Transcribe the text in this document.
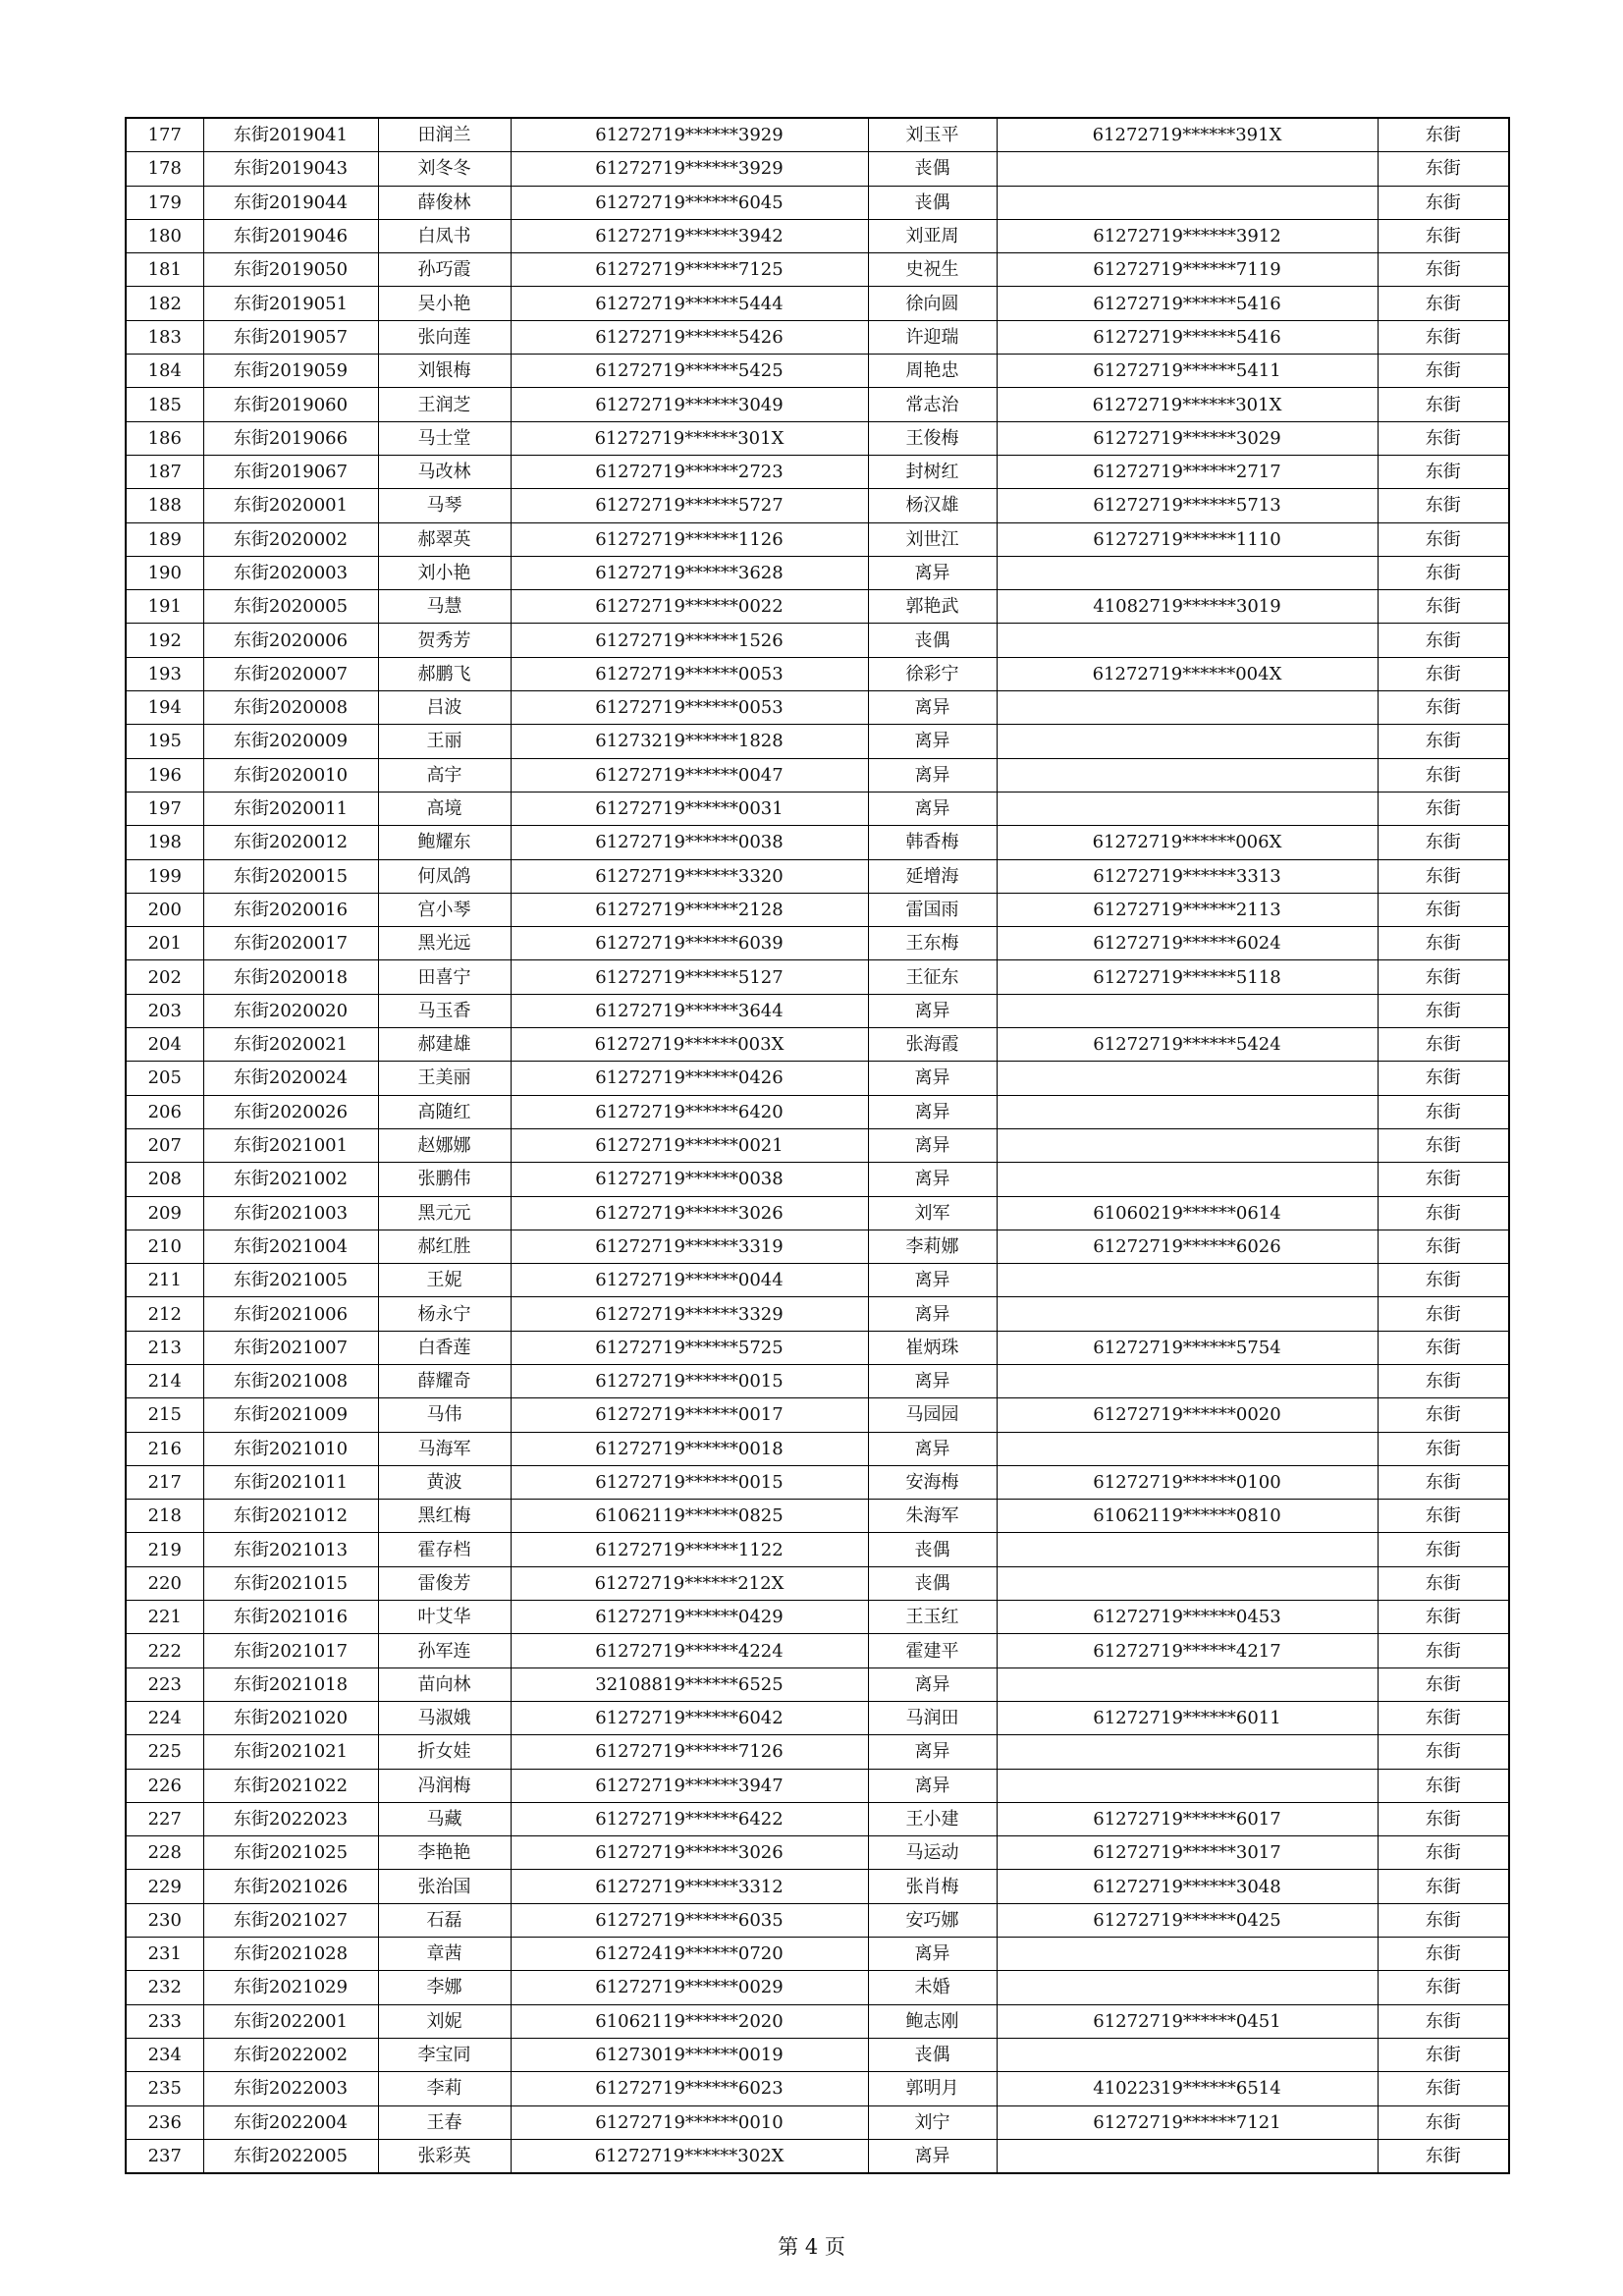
177	东街2019041	田润兰	61272719******3929	刘玉平	61272719******391X	东街
178	东街2019043	刘冬冬	61272719******3929	丧偶		东街
179	东街2019044	薛俊林	61272719******6045	丧偶		东街
180	东街2019046	白凤书	61272719******3942	刘亚周	61272719******3912	东街
181	东街2019050	孙巧霞	61272719******7125	史祝生	61272719******7119	东街
182	东街2019051	吴小艳	61272719******5444	徐向圆	61272719******5416	东街
183	东街2019057	张向莲	61272719******5426	许迎瑞	61272719******5416	东街
184	东街2019059	刘银梅	61272719******5425	周艳忠	61272719******5411	东街
185	东街2019060	王润芝	61272719******3049	常志治	61272719******301X	东街
186	东街2019066	马士堂	61272719******301X	王俊梅	61272719******3029	东街
187	东街2019067	马改林	61272719******2723	封树红	61272719******2717	东街
188	东街2020001	马琴	61272719******5727	杨汉雄	61272719******5713	东街
189	东街2020002	郝翠英	61272719******1126	刘世江	61272719******1110	东街
190	东街2020003	刘小艳	61272719******3628	离异		东街
191	东街2020005	马慧	61272719******0022	郭艳武	41082719******3019	东街
192	东街2020006	贺秀芳	61272719******1526	丧偶		东街
193	东街2020007	郝鹏飞	61272719******0053	徐彩宁	61272719******004X	东街
194	东街2020008	吕波	61272719******0053	离异		东街
195	东街2020009	王丽	61273219******1828	离异		东街
196	东街2020010	高宇	61272719******0047	离异		东街
197	东街2020011	高境	61272719******0031	离异		东街
198	东街2020012	鲍耀东	61272719******0038	韩香梅	61272719******006X	东街
199	东街2020015	何凤鸽	61272719******3320	延增海	61272719******3313	东街
200	东街2020016	宫小琴	61272719******2128	雷国雨	61272719******2113	东街
201	东街2020017	黑光远	61272719******6039	王东梅	61272719******6024	东街
202	东街2020018	田喜宁	61272719******5127	王征东	61272719******5118	东街
203	东街2020020	马玉香	61272719******3644	离异		东街
204	东街2020021	郝建雄	61272719******003X	张海霞	61272719******5424	东街
205	东街2020024	王美丽	61272719******0426	离异		东街
206	东街2020026	高随红	61272719******6420	离异		东街
207	东街2021001	赵娜娜	61272719******0021	离异		东街
208	东街2021002	张鹏伟	61272719******0038	离异		东街
209	东街2021003	黑元元	61272719******3026	刘军	61060219******0614	东街
210	东街2021004	郝红胜	61272719******3319	李莉娜	61272719******6026	东街
211	东街2021005	王妮	61272719******0044	离异		东街
212	东街2021006	杨永宁	61272719******3329	离异		东街
213	东街2021007	白香莲	61272719******5725	崔炳珠	61272719******5754	东街
214	东街2021008	薛耀奇	61272719******0015	离异		东街
215	东街2021009	马伟	61272719******0017	马园园	61272719******0020	东街
216	东街2021010	马海军	61272719******0018	离异		东街
217	东街2021011	黄波	61272719******0015	安海梅	61272719******0100	东街
218	东街2021012	黑红梅	61062119******0825	朱海军	61062119******0810	东街
219	东街2021013	霍存档	61272719******1122	丧偶		东街
220	东街2021015	雷俊芳	61272719******212X	丧偶		东街
221	东街2021016	叶艾华	61272719******0429	王玉红	61272719******0453	东街
222	东街2021017	孙军连	61272719******4224	霍建平	61272719******4217	东街
223	东街2021018	苗向林	32108819******6525	离异		东街
224	东街2021020	马淑娥	61272719******6042	马润田	61272719******6011	东街
225	东街2021021	折女娃	61272719******7126	离异		东街
226	东街2021022	冯润梅	61272719******3947	离异		东街
227	东街2022023	马藏	61272719******6422	王小建	61272719******6017	东街
228	东街2021025	李艳艳	61272719******3026	马运动	61272719******3017	东街
229	东街2021026	张治国	61272719******3312	张肖梅	61272719******3048	东街
230	东街2021027	石磊	61272719******6035	安巧娜	61272719******0425	东街
231	东街2021028	章茜	61272419******0720	离异		东街
232	东街2021029	李娜	61272719******0029	未婚		东街
233	东街2022001	刘妮	61062119******2020	鲍志刚	61272719******0451	东街
234	东街2022002	李宝同	61273019******0019	丧偶		东街
235	东街2022003	李莉	61272719******6023	郭明月	41022319******6514	东街
236	东街2022004	王春	61272719******0010	刘宁	61272719******7121	东街
237	东街2022005	张彩英	61272719******302X	离异		东街
第 4 页
